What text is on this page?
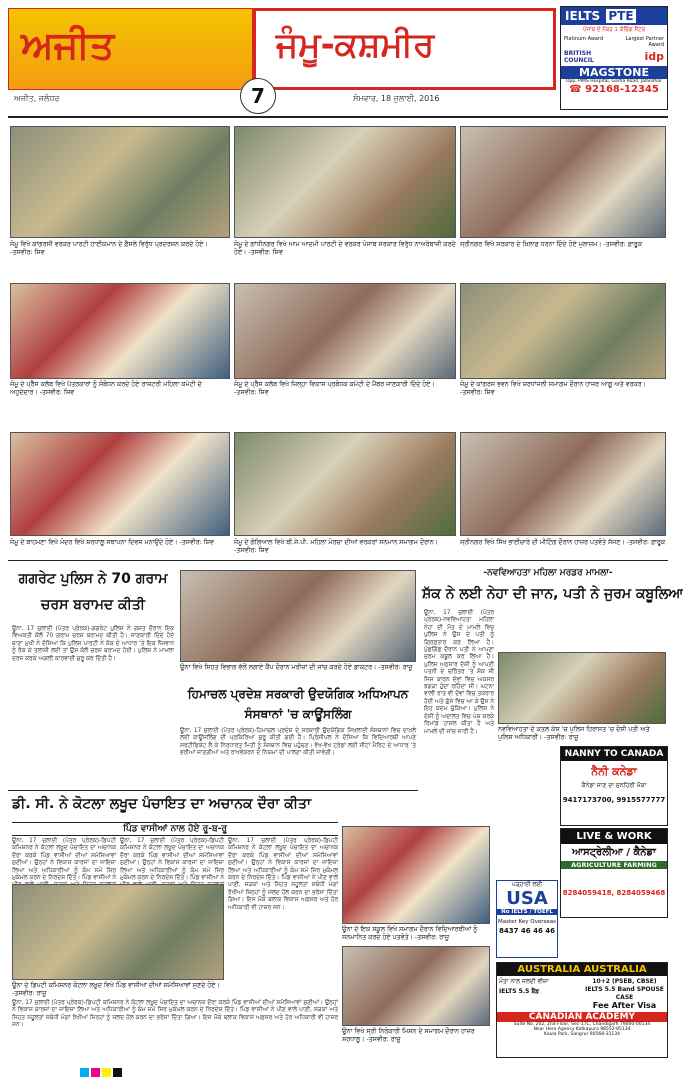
ਅਜੀਤ	ਜੰਮੂ-ਕਸ਼ਮੀਰ
7
ਅਜੀਤ, ਜਲੰਧਰ	ਸੋਮਵਾਰ, 18 ਜੁਲਾਈ, 2016
IELTS PTE
ਪੰਜਾਬ ਦੇ ਨੰਬਰ 1 ਕੋਚਿੰਗ ਸੈਂਟਰ
Platinum Award	Largest Partner Award
BRITISH COUNCIL	idp
MAGSTONE
Opp. PIMS Hospital, Garha Road, Jalandhar
☎ 92168-12345
ਜੰਮੂ ਵਿਖੇ ਕਾਂਗਰਸੀ ਵਰਕਰ ਪਾਰਟੀ ਹਾਈਕਮਾਨ ਦੇ ਫ਼ੈਸਲੇ ਵਿਰੁੱਧ ਪ੍ਰਦਰਸ਼ਨ ਕਰਦੇ ਹੋਏ। -ਤਸਵੀਰ: ਸ਼ਿਵ
ਜੰਮੂ ਦੇ ਗਾਂਧੀਨਗਰ ਵਿਖੇ ਆਮ ਆਦਮੀ ਪਾਰਟੀ ਦੇ ਵਰਕਰ ਪੰਜਾਬ ਸਰਕਾਰ ਵਿਰੁੱਧ ਨਾਅਰੇਬਾਜ਼ੀ ਕਰਦੇ ਹੋਏ। -ਤਸਵੀਰ: ਸ਼ਿਵ
ਸ੍ਰੀਨਗਰ ਵਿਖੇ ਸਰਕਾਰ ਦੇ ਖ਼ਿਲਾਫ਼ ਧਰਨਾ ਦਿੰਦੇ ਹੋਏ ਮੁਲਾਜ਼ਮ। -ਤਸਵੀਰ: ਫ਼ਾਰੂਕ
ਜੰਮੂ ਦੇ ਪ੍ਰੈੱਸ ਕਲੱਬ ਵਿਖੇ ਪੱਤਰਕਾਰਾਂ ਨੂੰ ਸੰਬੋਧਨ ਕਰਦੇ ਹੋਏ ਰਾਸ਼ਟਰੀ ਮਹਿਲਾ ਕਮੇਟੀ ਦੇ ਅਹੁਦੇਦਾਰ। -ਤਸਵੀਰ: ਸ਼ਿਵ
ਜੰਮੂ ਦੇ ਪ੍ਰੈੱਸ ਕਲੱਬ ਵਿਖੇ ਜ਼ਿਲ੍ਹਾ ਵਿਕਾਸ ਪ੍ਰਬੰਧਕ ਕਮੇਟੀ ਦੇ ਮੈਂਬਰ ਜਾਣਕਾਰੀ ਦਿੰਦੇ ਹੋਏ। -ਤਸਵੀਰ: ਸ਼ਿਵ
ਜੰਮੂ ਦੇ ਕਾਂਗਰਸ ਭਵਨ ਵਿਖੇ ਸ਼ਰਧਾਂਜਲੀ ਸਮਾਗਮ ਦੌਰਾਨ ਹਾਜ਼ਰ ਆਗੂ ਅਤੇ ਵਰਕਰ। -ਤਸਵੀਰ: ਸ਼ਿਵ
ਜੰਮੂ ਦੇ ਬਾਹਮਣਾ ਵਿਖੇ ਮੰਦਰ ਵਿਖੇ ਸ਼ਰਧਾਲੂ ਸਥਾਪਨਾ ਦਿਵਸ ਮਨਾਉਂਦੇ ਹੋਏ। -ਤਸਵੀਰ: ਸ਼ਿਵ	ਜੰਮੂ ਦੇ ਗੰਗਿਆਲ ਵਿਖੇ ਬੀ.ਜੇ.ਪੀ. ਮਹਿਲਾ ਮੋਰਚਾ ਦੀਆਂ ਵਰਕਰਾਂ ਸਨਮਾਨ ਸਮਾਗਮ ਦੌਰਾਨ। -ਤਸਵੀਰ: ਸ਼ਿਵ
ਸ੍ਰੀਨਗਰ ਵਿਖੇ ਸਿੱਖ ਭਾਈਚਾਰੇ ਦੀ ਮੀਟਿੰਗ ਦੌਰਾਨ ਹਾਜ਼ਰ ਪਤਵੰਤੇ ਸੱਜਣ। -ਤਸਵੀਰ: ਫ਼ਾਰੂਕ
ਗਗਰੇਟ ਪੁਲਿਸ ਨੇ 70 ਗਰਾਮ ਚਰਸ ਬਰਾਮਦ ਕੀਤੀ
ਊਨਾ, 17 ਜੁਲਾਈ (ਪੱਤਰ ਪ੍ਰੇਰਕ)-ਗਗਰੇਟ ਪੁਲਿਸ ਨੇ ਗਸ਼ਤ ਦੌਰਾਨ ਇਕ ਵਿਅਕਤੀ ਕੋਲੋਂ 70 ਗਰਾਮ ਚਰਸ ਬਰਾਮਦ ਕੀਤੀ ਹੈ। ਜਾਣਕਾਰੀ ਦਿੰਦੇ ਹੋਏ ਥਾਣਾ ਮੁਖੀ ਨੇ ਦੱਸਿਆ ਕਿ ਪੁਲਿਸ ਪਾਰਟੀ ਨੇ ਸ਼ੱਕ ਦੇ ਆਧਾਰ 'ਤੇ ਇਕ ਨੌਜਵਾਨ ਨੂੰ ਰੋਕ ਕੇ ਤਲਾਸ਼ੀ ਲਈ ਤਾਂ ਉਸ ਕੋਲੋਂ ਚਰਸ ਬਰਾਮਦ ਹੋਈ। ਪੁਲਿਸ ਨੇ ਮਾਮਲਾ ਦਰਜ ਕਰਕੇ ਅਗਲੀ ਕਾਰਵਾਈ ਸ਼ੁਰੂ ਕਰ ਦਿੱਤੀ ਹੈ।
ਊਨਾ ਵਿਖੇ ਸਿਹਤ ਵਿਭਾਗ ਵੱਲੋਂ ਲਗਾਏ ਕੈਂਪ ਦੌਰਾਨ ਮਰੀਜ਼ਾਂ ਦੀ ਜਾਂਚ ਕਰਦੇ ਹੋਏ ਡਾਕਟਰ। -ਤਸਵੀਰ: ਰਾਜੂ
ਹਿਮਾਚਲ ਪ੍ਰਦੇਸ਼ ਸਰਕਾਰੀ ਉਦਯੋਗਿਕ ਅਧਿਆਪਨ ਸੰਸਥਾਨਾਂ 'ਚ ਕਾਊਂਸਲਿੰਗ
ਊਨਾ, 17 ਜੁਲਾਈ (ਪੱਤਰ ਪ੍ਰੇਰਕ)-ਹਿਮਾਚਲ ਪ੍ਰਦੇਸ਼ ਦੇ ਸਰਕਾਰੀ ਉਦਯੋਗਿਕ ਸਿਖਲਾਈ ਸੰਸਥਾਨਾਂ ਵਿਚ ਦਾਖ਼ਲੇ ਲਈ ਕਾਊਂਸਲਿੰਗ ਦੀ ਪ੍ਰਕਿਰਿਆ ਸ਼ੁਰੂ ਕੀਤੀ ਗਈ ਹੈ। ਪ੍ਰਿੰਸੀਪਲ ਨੇ ਦੱਸਿਆ ਕਿ ਵਿਦਿਆਰਥੀ ਆਪਣੇ ਸਰਟੀਫਿਕੇਟ ਲੈ ਕੇ ਨਿਰਧਾਰਤ ਮਿਤੀ ਨੂੰ ਸੰਸਥਾਨ ਵਿਚ ਪਹੁੰਚਣ। ਵੱਖ-ਵੱਖ ਟ੍ਰੇਡਾਂ ਲਈ ਸੀਟਾਂ ਮੈਰਿਟ ਦੇ ਆਧਾਰ 'ਤੇ ਭਰੀਆਂ ਜਾਣਗੀਆਂ ਅਤੇ ਰਾਖਵੇਂਕਰਨ ਦੇ ਨਿਯਮਾਂ ਦੀ ਪਾਲਣਾ ਕੀਤੀ ਜਾਵੇਗੀ।
-ਨਵਵਿਆਹਤਾ ਮਹਿਲਾ ਮਰਡਰ ਮਾਮਲਾ-
ਸ਼ੱਕ ਨੇ ਲਈ ਨੇਹਾ ਦੀ ਜਾਨ, ਪਤੀ ਨੇ ਜੁਰਮ ਕਬੂਲਿਆ
ਊਨਾ, 17 ਜੁਲਾਈ (ਪੱਤਰ ਪ੍ਰੇਰਕ)-ਨਵਵਿਆਹਤਾ ਮਹਿਲਾ ਨੇਹਾ ਦੀ ਮੌਤ ਦੇ ਮਾਮਲੇ ਵਿਚ ਪੁਲਿਸ ਨੇ ਉਸ ਦੇ ਪਤੀ ਨੂੰ ਗ੍ਰਿਫ਼ਤਾਰ ਕਰ ਲਿਆ ਹੈ। ਪੁੱਛਗਿੱਛ ਦੌਰਾਨ ਪਤੀ ਨੇ ਆਪਣਾ ਜੁਰਮ ਕਬੂਲ ਕਰ ਲਿਆ ਹੈ। ਪੁਲਿਸ ਅਨੁਸਾਰ ਦੋਸ਼ੀ ਨੂੰ ਆਪਣੀ ਪਤਨੀ ਦੇ ਚਰਿੱਤਰ 'ਤੇ ਸ਼ੱਕ ਸੀ ਜਿਸ ਕਾਰਨ ਦੋਵਾਂ ਵਿਚ ਅਕਸਰ ਝਗੜਾ ਹੁੰਦਾ ਰਹਿੰਦਾ ਸੀ। ਘਟਨਾ ਵਾਲੀ ਰਾਤ ਵੀ ਦੋਵਾਂ ਵਿਚ ਤਕਰਾਰ ਹੋਈ ਅਤੇ ਗੁੱਸੇ ਵਿਚ ਆ ਕੇ ਉਸ ਨੇ ਇਹ ਕਦਮ ਚੁੱਕਿਆ। ਪੁਲਿਸ ਨੇ ਦੋਸ਼ੀ ਨੂੰ ਅਦਾਲਤ ਵਿਚ ਪੇਸ਼ ਕਰਕੇ ਰਿਮਾਂਡ ਹਾਸਲ ਕੀਤਾ ਹੈ ਅਤੇ ਮਾਮਲੇ ਦੀ ਜਾਂਚ ਜਾਰੀ ਹੈ।	ਨਵਵਿਆਹਤਾ ਦੇ ਕਤਲ ਕੇਸ 'ਚ ਪੁਲਿਸ ਹਿਰਾਸਤ 'ਚ ਦੋਸ਼ੀ ਪਤੀ ਅਤੇ ਪੁਲਿਸ ਅਧਿਕਾਰੀ। -ਤਸਵੀਰ: ਰਾਜੂ
ਡੀ. ਸੀ. ਨੇ ਕੋਟਲਾ ਲਖੂਦ ਪੰਚਾਇਤ ਦਾ ਅਚਾਨਕ ਦੌਰਾ ਕੀਤਾ
ਪਿੰਡ ਵਾਸੀਆਂ ਨਾਲ ਹੋਏ ਰੂ-ਬ-ਰੂ
ਊਨਾ, 17 ਜੁਲਾਈ (ਪੱਤਰ ਪ੍ਰੇਰਕ)-ਡਿਪਟੀ ਕਮਿਸ਼ਨਰ ਨੇ ਕੋਟਲਾ ਲਖੂਦ ਪੰਚਾਇਤ ਦਾ ਅਚਾਨਕ ਦੌਰਾ ਕਰਕੇ ਪਿੰਡ ਵਾਸੀਆਂ ਦੀਆਂ ਸਮੱਸਿਆਵਾਂ ਸੁਣੀਆਂ। ਉਨ੍ਹਾਂ ਨੇ ਵਿਕਾਸ ਕਾਰਜਾਂ ਦਾ ਜਾਇਜ਼ਾ ਲਿਆ ਅਤੇ ਅਧਿਕਾਰੀਆਂ ਨੂੰ ਕੰਮ ਸਮੇਂ ਸਿਰ ਮੁਕੰਮਲ ਕਰਨ ਦੇ ਨਿਰਦੇਸ਼ ਦਿੱਤੇ। ਪਿੰਡ ਵਾਸੀਆਂ ਨੇ
ਊਨਾ, 17 ਜੁਲਾਈ (ਪੱਤਰ ਪ੍ਰੇਰਕ)-ਡਿਪਟੀ ਕਮਿਸ਼ਨਰ ਨੇ ਕੋਟਲਾ ਲਖੂਦ ਪੰਚਾਇਤ ਦਾ ਅਚਾਨਕ ਦੌਰਾ ਕਰਕੇ ਪਿੰਡ ਵਾਸੀਆਂ ਦੀਆਂ ਸਮੱਸਿਆਵਾਂ ਸੁਣੀਆਂ। ਉਨ੍ਹਾਂ ਨੇ ਵਿਕਾਸ ਕਾਰਜਾਂ ਦਾ ਜਾਇਜ਼ਾ ਲਿਆ ਅਤੇ ਅਧਿਕਾਰੀਆਂ ਨੂੰ ਕੰਮ ਸਮੇਂ ਸਿਰ ਮੁਕੰਮਲ ਕਰਨ ਦੇ ਨਿਰਦੇਸ਼ ਦਿੱਤੇ। ਪਿੰਡ ਵਾਸੀਆਂ ਨੇ
ਊਨਾ, 17 ਜੁਲਾਈ (ਪੱਤਰ ਪ੍ਰੇਰਕ)-ਡਿਪਟੀ ਕਮਿਸ਼ਨਰ ਨੇ ਕੋਟਲਾ ਲਖੂਦ ਪੰਚਾਇਤ ਦਾ ਅਚਾਨਕ ਦੌਰਾ ਕਰਕੇ ਪਿੰਡ ਵਾਸੀਆਂ ਦੀਆਂ ਸਮੱਸਿਆਵਾਂ ਸੁਣੀਆਂ। ਉਨ੍ਹਾਂ ਨੇ ਵਿਕਾਸ ਕਾਰਜਾਂ ਦਾ ਜਾਇਜ਼ਾ ਲਿਆ ਅਤੇ ਅਧਿਕਾਰੀਆਂ ਨੂੰ ਕੰਮ ਸਮੇਂ ਸਿਰ ਮੁਕੰਮਲ ਕਰਨ ਦੇ ਨਿਰਦੇਸ਼ ਦਿੱਤੇ। ਪਿੰਡ ਵਾਸੀਆਂ ਨੇ ਪੀਣ ਵਾਲੇ ਪਾਣੀ, ਸੜਕਾਂ ਅਤੇ ਸਿਹਤ ਸਹੂਲਤਾਂ ਸਬੰਧੀ ਮੰਗਾਂ ਰੱਖੀਆਂ ਜਿਨ੍ਹਾਂ ਨੂੰ ਜਲਦ ਹੱਲ ਕਰਨ ਦਾ ਭਰੋਸਾ ਦਿੱਤਾ ਗਿਆ। ਇਸ ਮੌਕੇ ਬਲਾਕ ਵਿਕਾਸ ਅਫ਼ਸਰ ਅਤੇ ਹੋਰ ਅਧਿਕਾਰੀ ਵੀ ਹਾਜ਼ਰ ਸਨ।
ਊਨਾ ਦੇ ਡਿਪਟੀ ਕਮਿਸ਼ਨਰ ਕੋਟਲਾ ਲਖੂਦ ਵਿਖੇ ਪਿੰਡ ਵਾਸੀਆਂ ਦੀਆਂ ਸਮੱਸਿਆਵਾਂ ਸੁਣਦੇ ਹੋਏ। -ਤਸਵੀਰ: ਰਾਜੂ
ਊਨਾ, 17 ਜੁਲਾਈ (ਪੱਤਰ ਪ੍ਰੇਰਕ)-ਡਿਪਟੀ ਕਮਿਸ਼ਨਰ ਨੇ ਕੋਟਲਾ ਲਖੂਦ ਪੰਚਾਇਤ ਦਾ ਅਚਾਨਕ ਦੌਰਾ ਕਰਕੇ ਪਿੰਡ ਵਾਸੀਆਂ ਦੀਆਂ ਸਮੱਸਿਆਵਾਂ ਸੁਣੀਆਂ। ਉਨ੍ਹਾਂ ਨੇ ਵਿਕਾਸ ਕਾਰਜਾਂ ਦਾ ਜਾਇਜ਼ਾ ਲਿਆ ਅਤੇ ਅਧਿਕਾਰੀਆਂ ਨੂੰ ਕੰਮ ਸਮੇਂ ਸਿਰ ਮੁਕੰਮਲ ਕਰਨ ਦੇ ਨਿਰਦੇਸ਼ ਦਿੱਤੇ। ਪਿੰਡ ਵਾਸੀਆਂ ਨੇ ਪੀਣ ਵਾਲੇ ਪਾਣੀ, ਸੜਕਾਂ ਅਤੇ ਸਿਹਤ ਸਹੂਲਤਾਂ ਸਬੰਧੀ ਮੰਗਾਂ ਰੱਖੀਆਂ ਜਿਨ੍ਹਾਂ ਨੂੰ ਜਲਦ ਹੱਲ ਕਰਨ ਦਾ ਭਰੋਸਾ ਦਿੱਤਾ ਗਿਆ। ਇਸ ਮੌਕੇ ਬਲਾਕ ਵਿਕਾਸ ਅਫ਼ਸਰ ਅਤੇ ਹੋਰ ਅਧਿਕਾਰੀ ਵੀ ਹਾਜ਼ਰ ਸਨ।
ਊਨਾ ਦੇ ਇਕ ਸਕੂਲ ਵਿਖੇ ਸਮਾਗਮ ਦੌਰਾਨ ਵਿਦਿਆਰਥੀਆਂ ਨੂੰ ਸਨਮਾਨਿਤ ਕਰਦੇ ਹੋਏ ਪਤਵੰਤੇ। -ਤਸਵੀਰ: ਰਾਜੂ
ਊਨਾ ਵਿਖੇ ਸ੍ਰੀ ਨਿਰੰਕਾਰੀ ਮਿਸ਼ਨ ਦੇ ਸਮਾਗਮ ਦੌਰਾਨ ਹਾਜ਼ਰ ਸ਼ਰਧਾਲੂ। -ਤਸਵੀਰ: ਰਾਜੂ
NANNY TO CANADA
ਨੈਨੀ ਕਨੇਡਾ
ਕੈਨੇਡਾ ਜਾਣ ਦਾ ਸੁਨਹਿਰੀ ਮੌਕਾ
9417173700, 9915577777
LIVE & WORK
ਆਸਟ੍ਰੇਲੀਆ / ਕੈਨੇਡਾ
AGRICULTURE FARMING
8284059418, 8284059468
ਪੜ੍ਹਾਈ ਲਈ
USA
No IELTS / TOEFL
Master Key Overseas
8437 46 46 46
AUSTRALIA AUSTRALIA
ਮੰਤਾ ਨਾਲ ਜਲਦੀ ਵੀਜ਼ਾ
IELTS 5.5 ਬੈਂਡ
10+2 (PSEB, CBSE)
IELTS 5.5 Band SPOUSE CASE
Fee After Visa
CANADIAN ACADEMY
Suite No. 202, 2nd Floor, Sec-17C, Chandigarh 79000-00134
Near Hero Agency Kotkapura 98552-85134
Kaula Park, Sangrur 90568-31134
